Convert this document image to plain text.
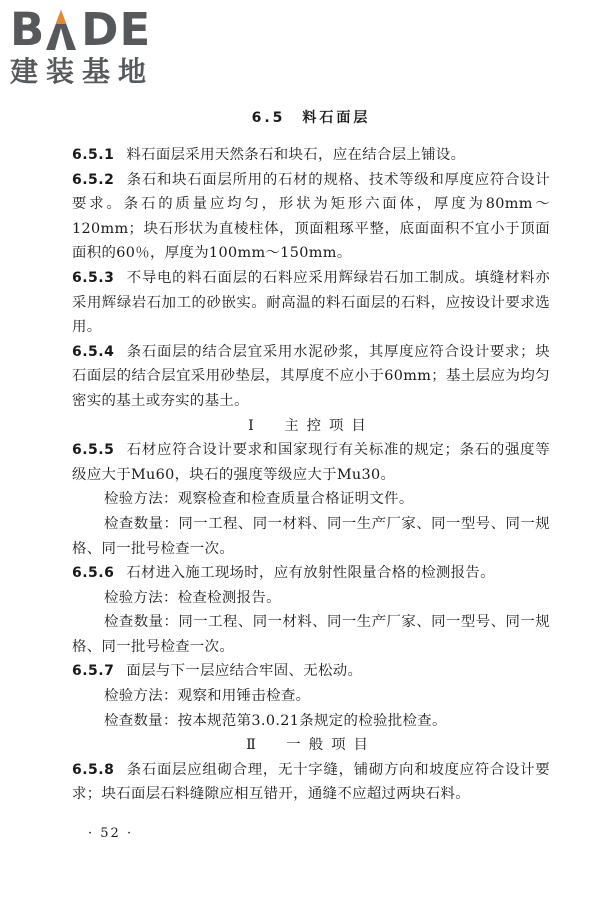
B DE
建装基地
6.5　料石面层

6.5.1 料石面层采用天然条石和块石，应在结合层上铺设。

6.5.2 条石和块石面层所用的石材的规格、技术等级和厚度应符合设计要求。条石的质量应均匀，形状为矩形六面体，厚度为80mm～120mm；块石形状为直棱柱体，顶面粗琢平整，底面面积不宜小于顶面面积的60％，厚度为100mm～150mm。

6.5.3 不导电的料石面层的石料应采用辉绿岩石加工制成。填缝材料亦采用辉绿岩石加工的砂嵌实。耐高温的料石面层的石料，应按设计要求选用。

6.5.4 条石面层的结合层宜采用水泥砂浆，其厚度应符合设计要求；块石面层的结合层宜采用砂垫层，其厚度不应小于60mm；基土层应为均匀密实的基土或夯实的基土。

Ⅰ　主控项目

6.5.5 石材应符合设计要求和国家现行有关标准的规定；条石的强度等级应大于Mu60，块石的强度等级应大于Mu30。

检验方法：观察检查和检查质量合格证明文件。

检查数量：同一工程、同一材料、同一生产厂家、同一型号、同一规格、同一批号检查一次。

6.5.6 石材进入施工现场时，应有放射性限量合格的检测报告。

检验方法：检查检测报告。

检查数量：同一工程、同一材料、同一生产厂家、同一型号、同一规格、同一批号检查一次。

6.5.7 面层与下一层应结合牢固、无松动。

检验方法：观察和用锤击检查。

检查数量：按本规范第3.0.21条规定的检验批检查。

Ⅱ　一般项目

6.5.8 条石面层应组砌合理，无十字缝，铺砌方向和坡度应符合设计要求；块石面层石料缝隙应相互错开，通缝不应超过两块石料。

· 52 ·
